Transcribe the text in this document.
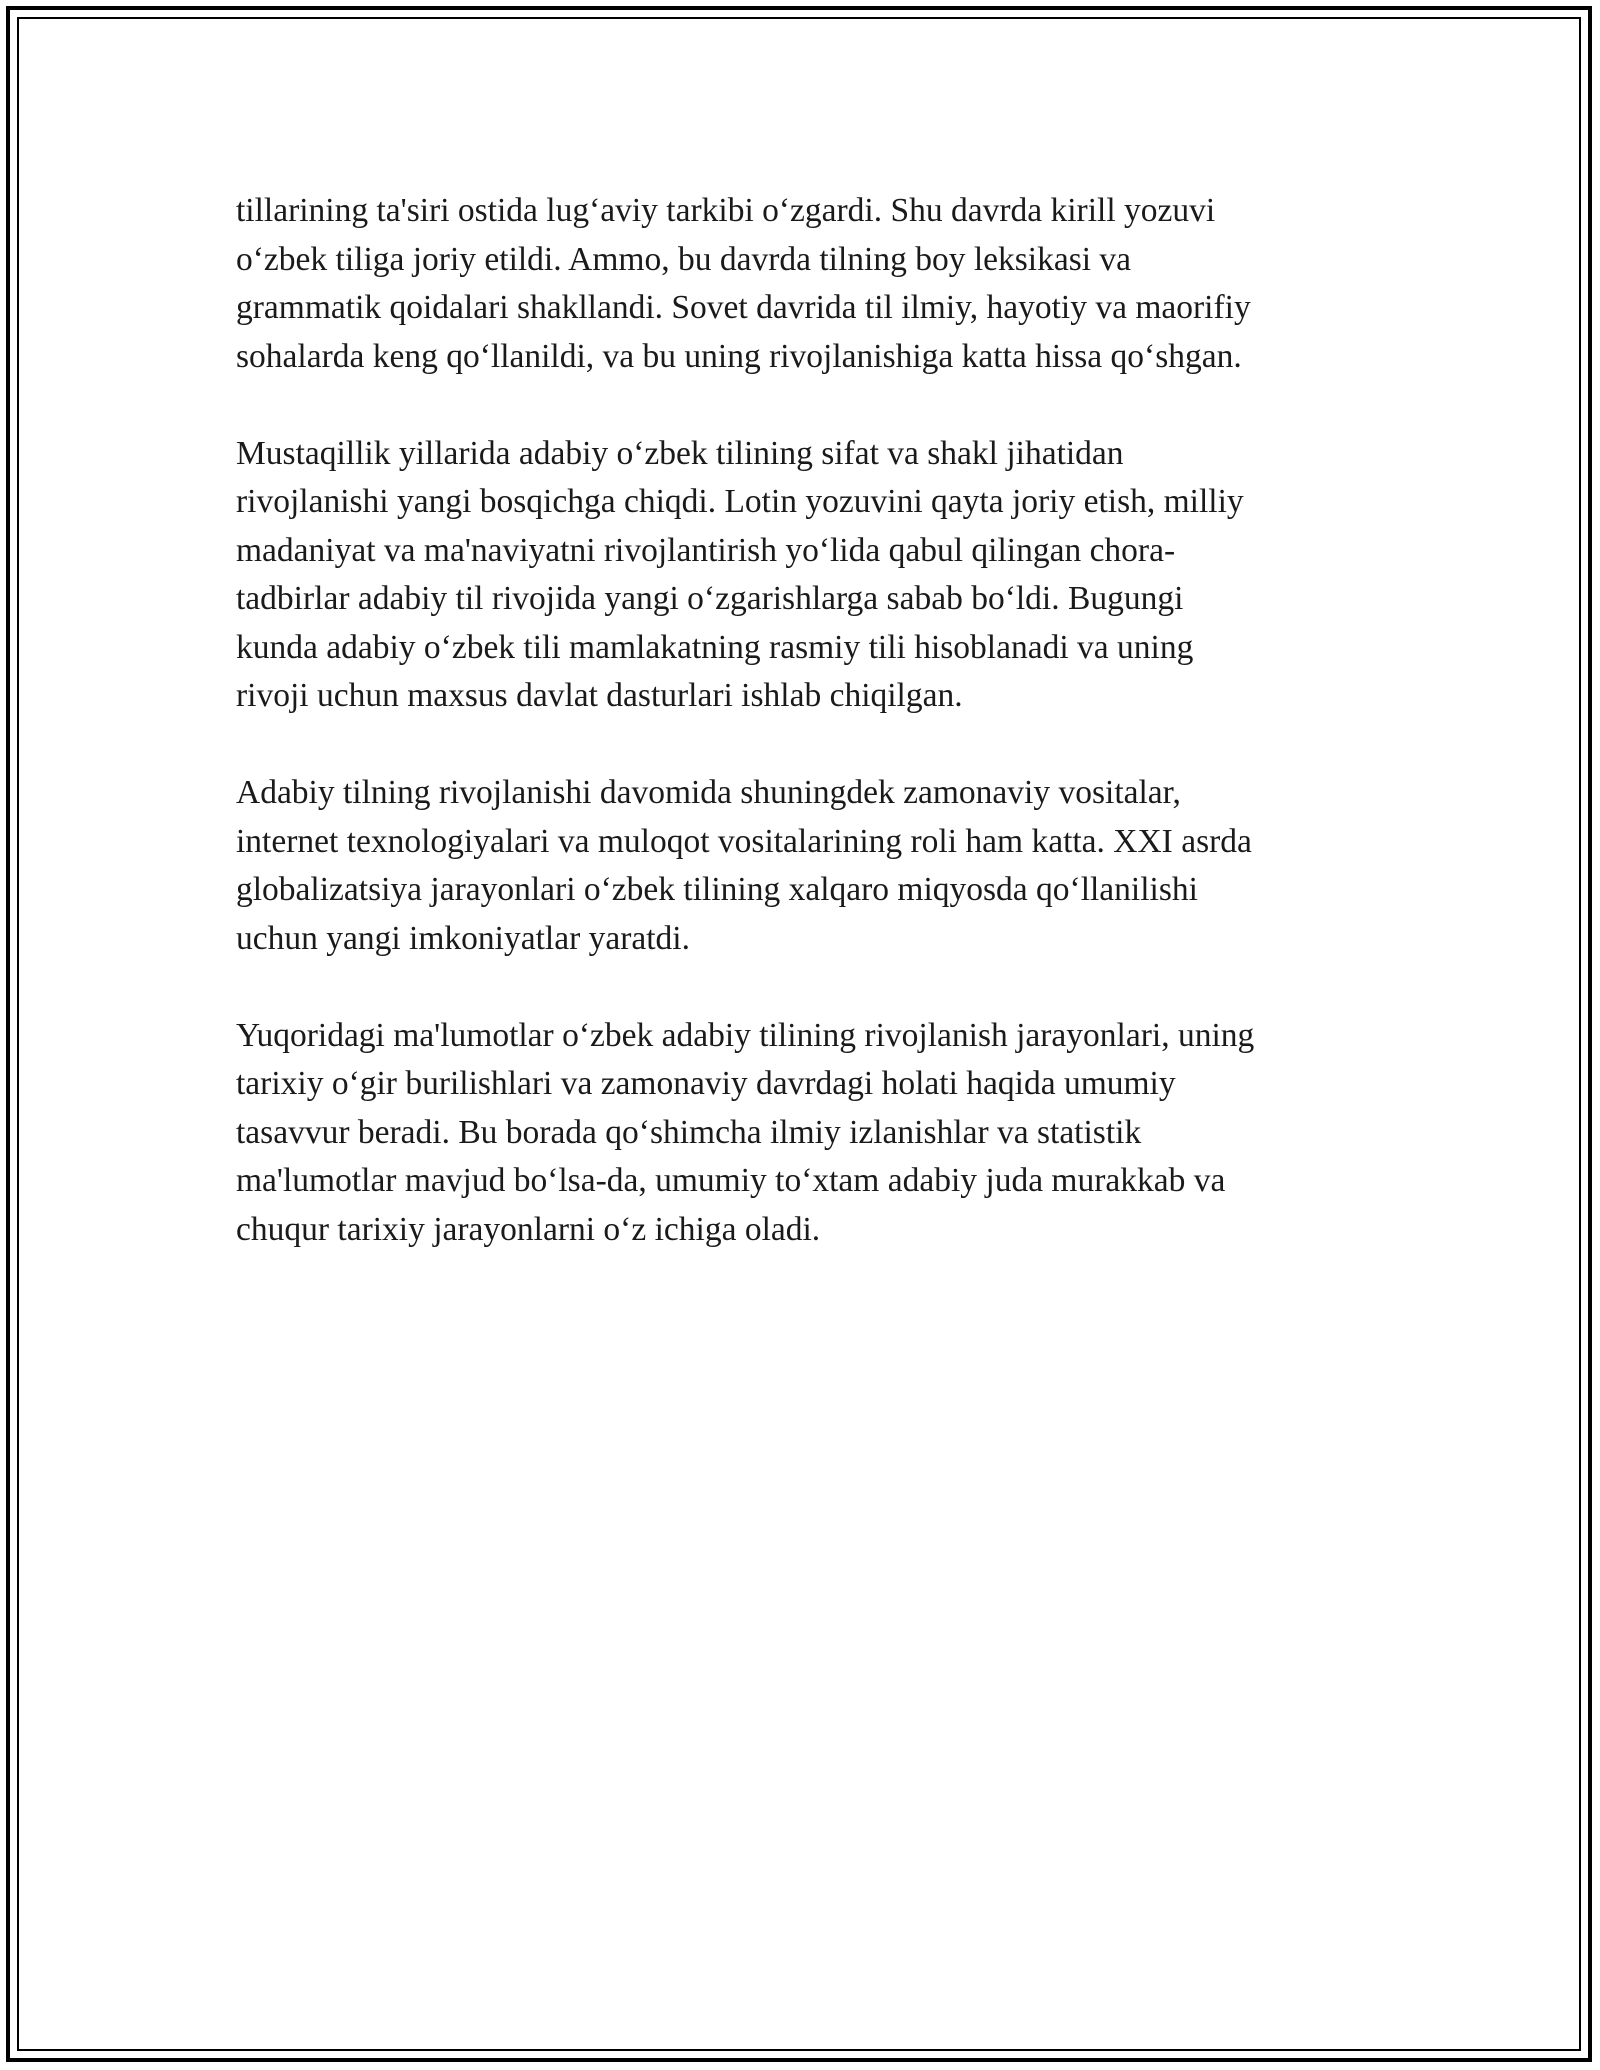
tillarining ta'siri ostida lug‘aviy tarkibi o‘zgardi. Shu davrda kirill yozuvi
o‘zbek tiliga joriy etildi. Ammo, bu davrda tilning boy leksikasi va
grammatik qoidalari shakllandi. Sovet davrida til ilmiy, hayotiy va maorifiy
sohalarda keng qo‘llanildi, va bu uning rivojlanishiga katta hissa qo‘shgan.

Mustaqillik yillarida adabiy o‘zbek tilining sifat va shakl jihatidan
rivojlanishi yangi bosqichga chiqdi. Lotin yozuvini qayta joriy etish, milliy
madaniyat va ma'naviyatni rivojlantirish yo‘lida qabul qilingan chora-
tadbirlar adabiy til rivojida yangi o‘zgarishlarga sabab bo‘ldi. Bugungi
kunda adabiy o‘zbek tili mamlakatning rasmiy tili hisoblanadi va uning
rivoji uchun maxsus davlat dasturlari ishlab chiqilgan.

Adabiy tilning rivojlanishi davomida shuningdek zamonaviy vositalar,
internet texnologiyalari va muloqot vositalarining roli ham katta. XXI asrda
globalizatsiya jarayonlari o‘zbek tilining xalqaro miqyosda qo‘llanilishi
uchun yangi imkoniyatlar yaratdi.

Yuqoridagi ma'lumotlar o‘zbek adabiy tilining rivojlanish jarayonlari, uning
tarixiy o‘gir burilishlari va zamonaviy davrdagi holati haqida umumiy
tasavvur beradi. Bu borada qo‘shimcha ilmiy izlanishlar va statistik
ma'lumotlar mavjud bo‘lsa-da, umumiy to‘xtam adabiy juda murakkab va
chuqur tarixiy jarayonlarni o‘z ichiga oladi.
